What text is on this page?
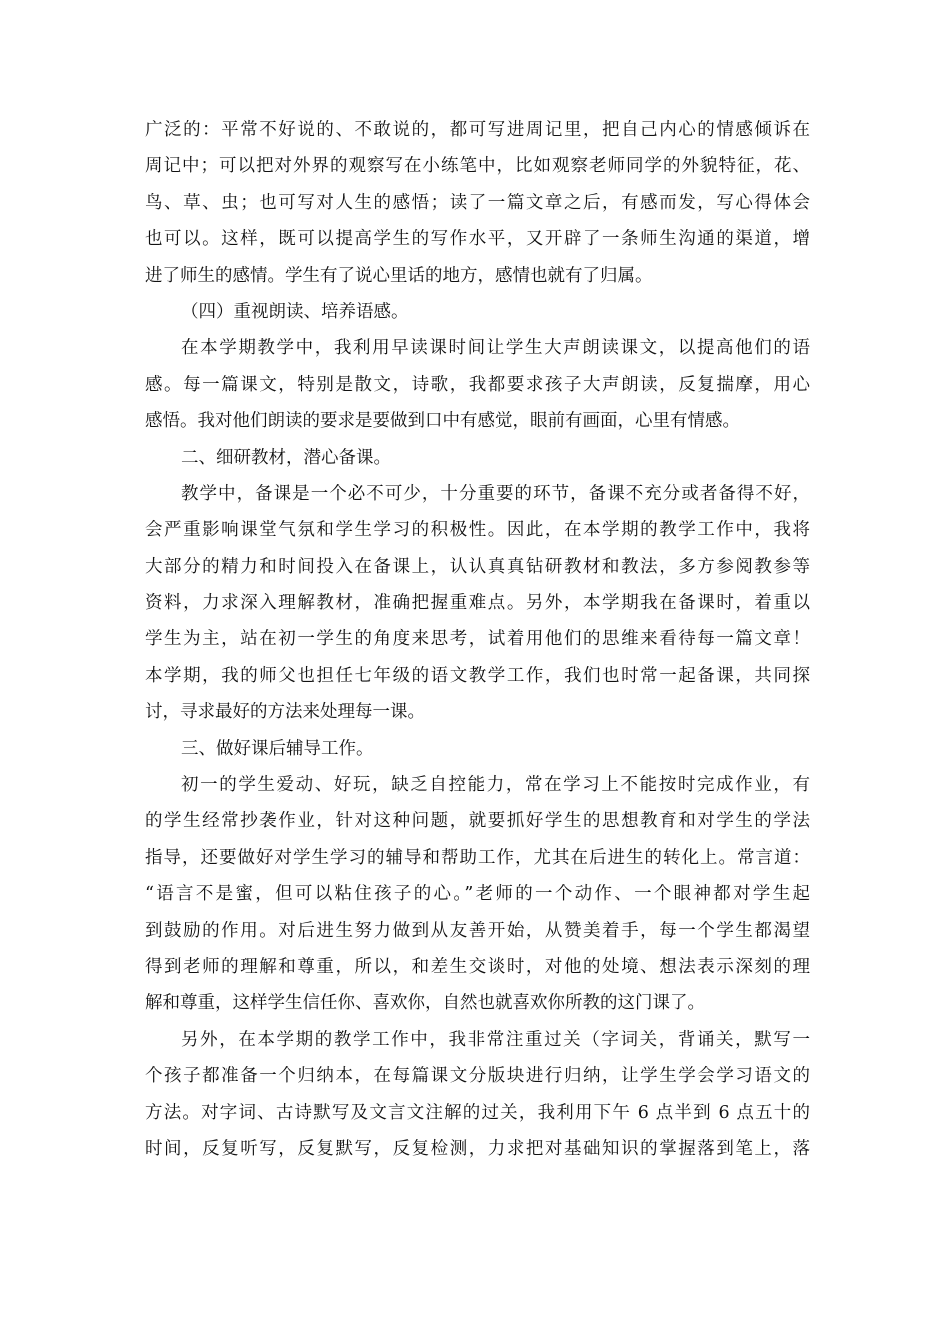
广泛的：平常不好说的、不敢说的，都可写进周记里，把自己内心的情感倾诉在
周记中；可以把对外界的观察写在小练笔中，比如观察老师同学的外貌特征，花、
鸟、草、虫；也可写对人生的感悟；读了一篇文章之后，有感而发，写心得体会
也可以。这样，既可以提高学生的写作水平，又开辟了一条师生沟通的渠道，增
进了师生的感情。学生有了说心里话的地方，感情也就有了归属。
（四）重视朗读、培养语感。
在本学期教学中，我利用早读课时间让学生大声朗读课文，以提高他们的语
感。每一篇课文，特别是散文，诗歌，我都要求孩子大声朗读，反复揣摩，用心
感悟。我对他们朗读的要求是要做到口中有感觉，眼前有画面，心里有情感。
二、细研教材，潜心备课。
教学中，备课是一个必不可少，十分重要的环节，备课不充分或者备得不好，
会严重影响课堂气氛和学生学习的积极性。因此，在本学期的教学工作中，我将
大部分的精力和时间投入在备课上，认认真真钻研教材和教法，多方参阅教参等
资料，力求深入理解教材，准确把握重难点。另外，本学期我在备课时，着重以
学生为主，站在初一学生的角度来思考，试着用他们的思维来看待每一篇文章！
本学期，我的师父也担任七年级的语文教学工作，我们也时常一起备课，共同探
讨，寻求最好的方法来处理每一课。
三、做好课后辅导工作。
初一的学生爱动、好玩，缺乏自控能力，常在学习上不能按时完成作业，有
的学生经常抄袭作业，针对这种问题，就要抓好学生的思想教育和对学生的学法
指导，还要做好对学生学习的辅导和帮助工作，尤其在后进生的转化上。常言道：
“语言不是蜜，但可以粘住孩子的心。”老师的一个动作、一个眼神都对学生起
到鼓励的作用。对后进生努力做到从友善开始，从赞美着手，每一个学生都渴望
得到老师的理解和尊重，所以，和差生交谈时，对他的处境、想法表示深刻的理
解和尊重，这样学生信任你、喜欢你，自然也就喜欢你所教的这门课了。
另外，在本学期的教学工作中，我非常注重过关（字词关，背诵关，默写一
个孩子都准备一个归纳本，在每篇课文分版块进行归纳，让学生学会学习语文的
方法。对字词、古诗默写及文言文注解的过关，我利用下午 6 点半到 6 点五十的
时间，反复听写，反复默写，反复检测，力求把对基础知识的掌握落到笔上，落
